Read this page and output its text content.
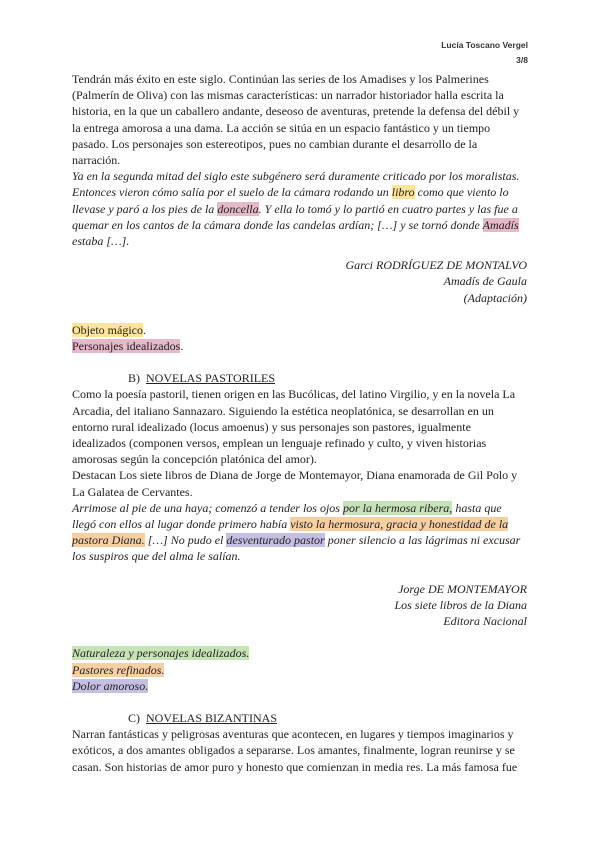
Lucía Toscano Vergel
3/8

Tendrán más éxito en este siglo. Continúan las series de los Amadises y los Palmerines (Palmerín de Oliva) con las mismas características: un narrador historiador halla escrita la historia, en la que un caballero andante, deseoso de aventuras, pretende la defensa del débil y la entrega amorosa a una dama. La acción se sitúa en un espacio fantástico y un tiempo pasado. Los personajes son estereotipos, pues no cambian durante el desarrollo de la narración.

Ya en la segunda mitad del siglo este subgénero será duramente criticado por los moralistas. Entonces vieron cómo salía por el suelo de la cámara rodando un libro como que viento lo llevase y paró a los pies de la doncella. Y ella lo tomó y lo partió en cuatro partes y las fue a quemar en los cantos de la cámara donde las candelas ardían; […] y se tornó donde Amadís estaba […].

Garci RODRÍGUEZ DE MONTALVO
Amadís de Gaula
(Adaptación)
Objeto mágico.
Personajes idealizados.
B) NOVELAS PASTORILES

Como la poesía pastoril, tienen origen en las Bucólicas, del latino Virgilio, y en la novela La Arcadia, del italiano Sannazaro. Siguiendo la estética neoplatónica, se desarrollan en un entorno rural idealizado (locus amoenus) y sus personajes son pastores, igualmente idealizados (componen versos, emplean un lenguaje refinado y culto, y viven historias amorosas según la concepción platónica del amor).

Destacan Los siete libros de Diana de Jorge de Montemayor, Diana enamorada de Gil Polo y La Galatea de Cervantes.

Arrimose al pie de una haya; comenzó a tender los ojos por la hermosa ribera, hasta que llegó con ellos al lugar donde primero había visto la hermosura, gracia y honestidad de la pastora Diana. […] No pudo el desventurado pastor poner silencio a las lágrimas ni excusar los suspiros que del alma le salían.

Jorge DE MONTEMAYOR
Los siete libros de la Diana
Editora Nacional
Naturaleza y personajes idealizados.
Pastores refinados.
Dolor amoroso.
C) NOVELAS BIZANTINAS

Narran fantásticas y peligrosas aventuras que acontecen, en lugares y tiempos imaginarios y exóticos, a dos amantes obligados a separarse. Los amantes, finalmente, logran reunirse y se casan. Son historias de amor puro y honesto que comienzan in media res. La más famosa fue
